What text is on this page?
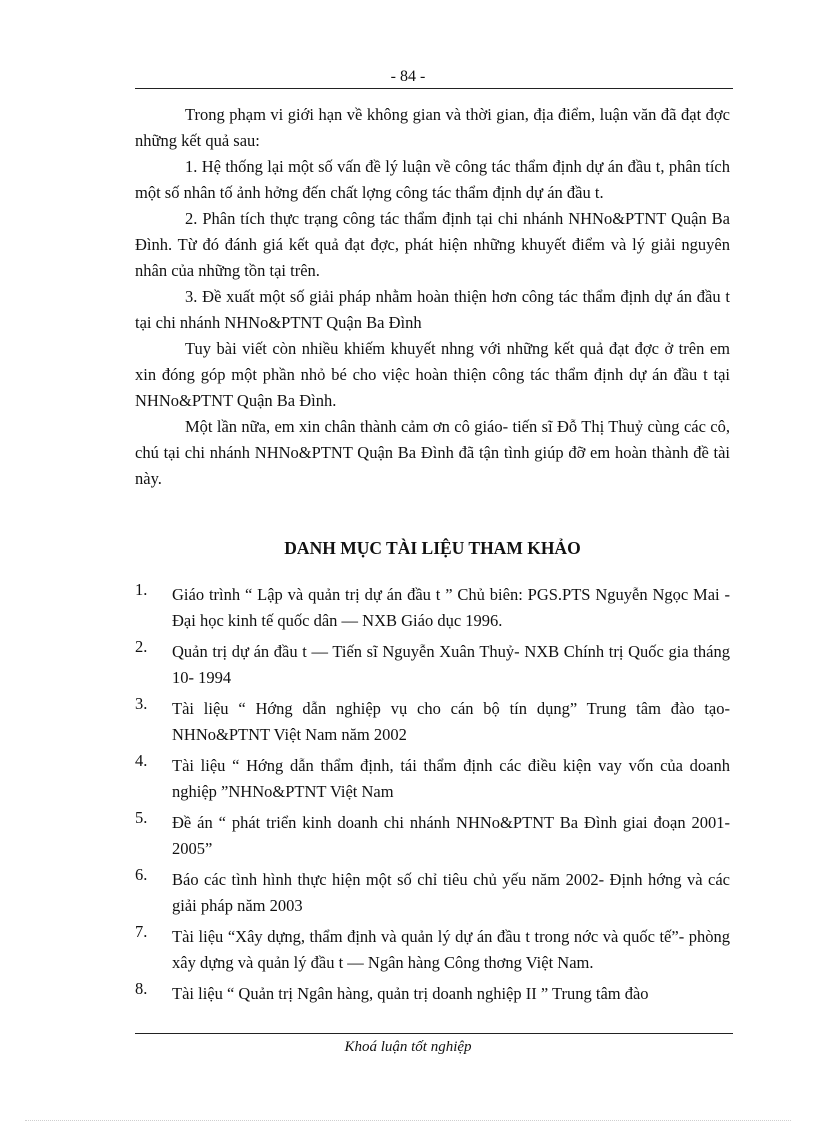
- 84 -

Trong phạm vi giới hạn về không gian và thời gian, địa điểm, luận văn đã đạt đợc những kết quả sau:

1. Hệ thống lại một số vấn đề lý luận về công tác thẩm định dự án đầu t, phân tích một số nhân tố ảnh hởng đến chất lợng công tác thẩm định dự án đầu t.

2. Phân tích thực trạng công tác thẩm định tại chi nhánh NHNo&PTNT Quận Ba Đình. Từ đó đánh giá kết quả đạt đợc, phát hiện những khuyết điểm và lý giải nguyên nhân của những tồn tại trên.

3. Đề xuất một số giải pháp nhằm hoàn thiện hơn công tác thẩm định dự án đầu t tại chi nhánh NHNo&PTNT Quận Ba Đình

Tuy bài viết còn nhiều khiếm khuyết nhng với những kết quả đạt đợc ở trên em xin đóng góp một phần nhỏ bé cho việc hoàn thiện công tác thẩm định dự án đầu t tại NHNo&PTNT Quận Ba Đình.

Một lần nữa, em xin chân thành cảm ơn cô giáo- tiến sĩ Đỗ Thị Thuỷ cùng các cô, chú tại chi nhánh NHNo&PTNT Quận Ba Đình đã tận tình giúp đỡ em hoàn thành đề tài này.

DANH MỤC TÀI LIỆU THAM KHẢO
1.	Giáo trình “ Lập và quản trị dự án đầu t ” Chủ biên: PGS.PTS Nguyễn Ngọc Mai - Đại học kinh tế quốc dân — NXB Giáo dục 1996.
2.	Quản trị dự án đầu t — Tiến sĩ Nguyễn Xuân Thuỷ- NXB Chính trị Quốc gia tháng 10- 1994
3.	Tài liệu “ Hớng dẫn nghiệp vụ cho cán bộ tín dụng” Trung tâm đào tạo- NHNo&PTNT Việt Nam năm 2002
4.	Tài liệu “ Hớng dẫn thẩm định, tái thẩm định các điều kiện vay vốn của doanh nghiệp ”NHNo&PTNT Việt Nam
5.	Đề án “ phát triển kinh doanh chi nhánh NHNo&PTNT Ba Đình giai đoạn 2001-2005”
6.	Báo các tình hình thực hiện một số chỉ tiêu chủ yếu năm 2002- Định hớng và các giải pháp năm 2003
7.	Tài liệu “Xây dựng, thẩm định và quản lý dự án đầu t trong nớc và quốc tế”- phòng xây dựng và quản lý đầu t — Ngân hàng Công thơng Việt Nam.
8.	Tài liệu “ Quản trị Ngân hàng, quản trị doanh nghiệp II ” Trung tâm đào
Khoá luận tốt nghiệp
